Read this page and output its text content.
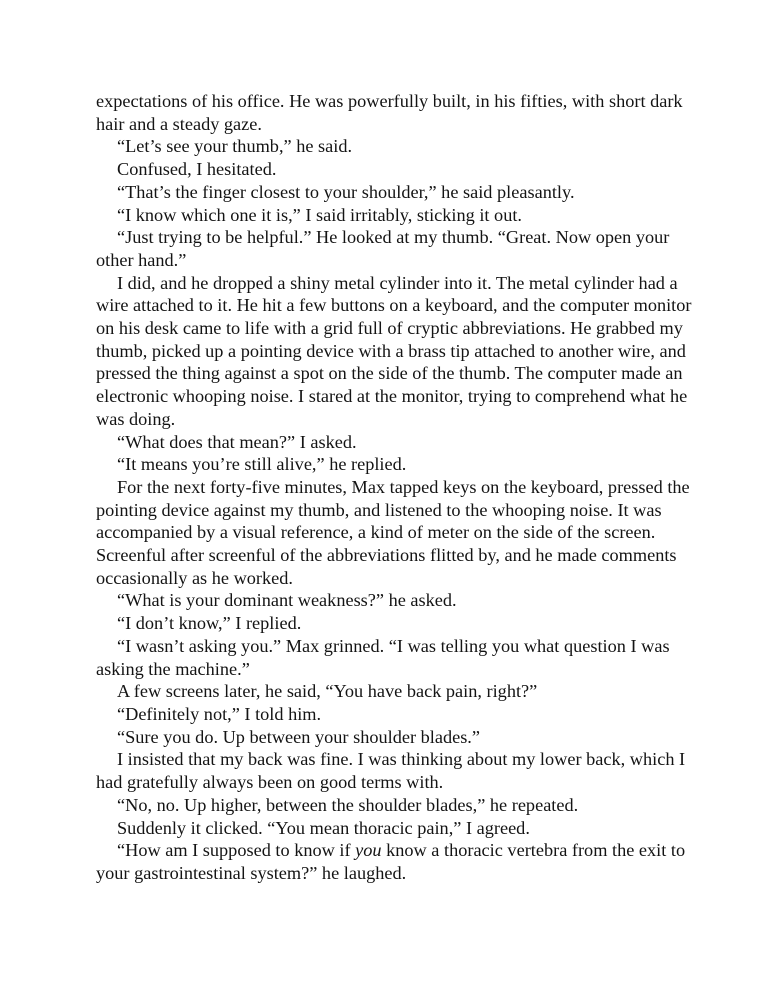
expectations of his office. He was powerfully built, in his fifties, with short dark hair and a steady gaze.

“Let’s see your thumb,” he said.

Confused, I hesitated.

“That’s the finger closest to your shoulder,” he said pleasantly.

“I know which one it is,” I said irritably, sticking it out.

“Just trying to be helpful.” He looked at my thumb. “Great. Now open your other hand.”

I did, and he dropped a shiny metal cylinder into it. The metal cylinder had a wire attached to it. He hit a few buttons on a keyboard, and the computer monitor on his desk came to life with a grid full of cryptic abbreviations. He grabbed my thumb, picked up a pointing device with a brass tip attached to another wire, and pressed the thing against a spot on the side of the thumb. The computer made an electronic whooping noise. I stared at the monitor, trying to comprehend what he was doing.

“What does that mean?” I asked.

“It means you’re still alive,” he replied.

For the next forty-five minutes, Max tapped keys on the keyboard, pressed the pointing device against my thumb, and listened to the whooping noise. It was accompanied by a visual reference, a kind of meter on the side of the screen. Screenful after screenful of the abbreviations flitted by, and he made comments occasionally as he worked.

“What is your dominant weakness?” he asked.

“I don’t know,” I replied.

“I wasn’t asking you.” Max grinned. “I was telling you what question I was asking the machine.”

A few screens later, he said, “You have back pain, right?”

“Definitely not,” I told him.

“Sure you do. Up between your shoulder blades.”

I insisted that my back was fine. I was thinking about my lower back, which I had gratefully always been on good terms with.

“No, no. Up higher, between the shoulder blades,” he repeated.

Suddenly it clicked. “You mean thoracic pain,” I agreed.

“How am I supposed to know if you know a thoracic vertebra from the exit to your gastrointestinal system?” he laughed.
